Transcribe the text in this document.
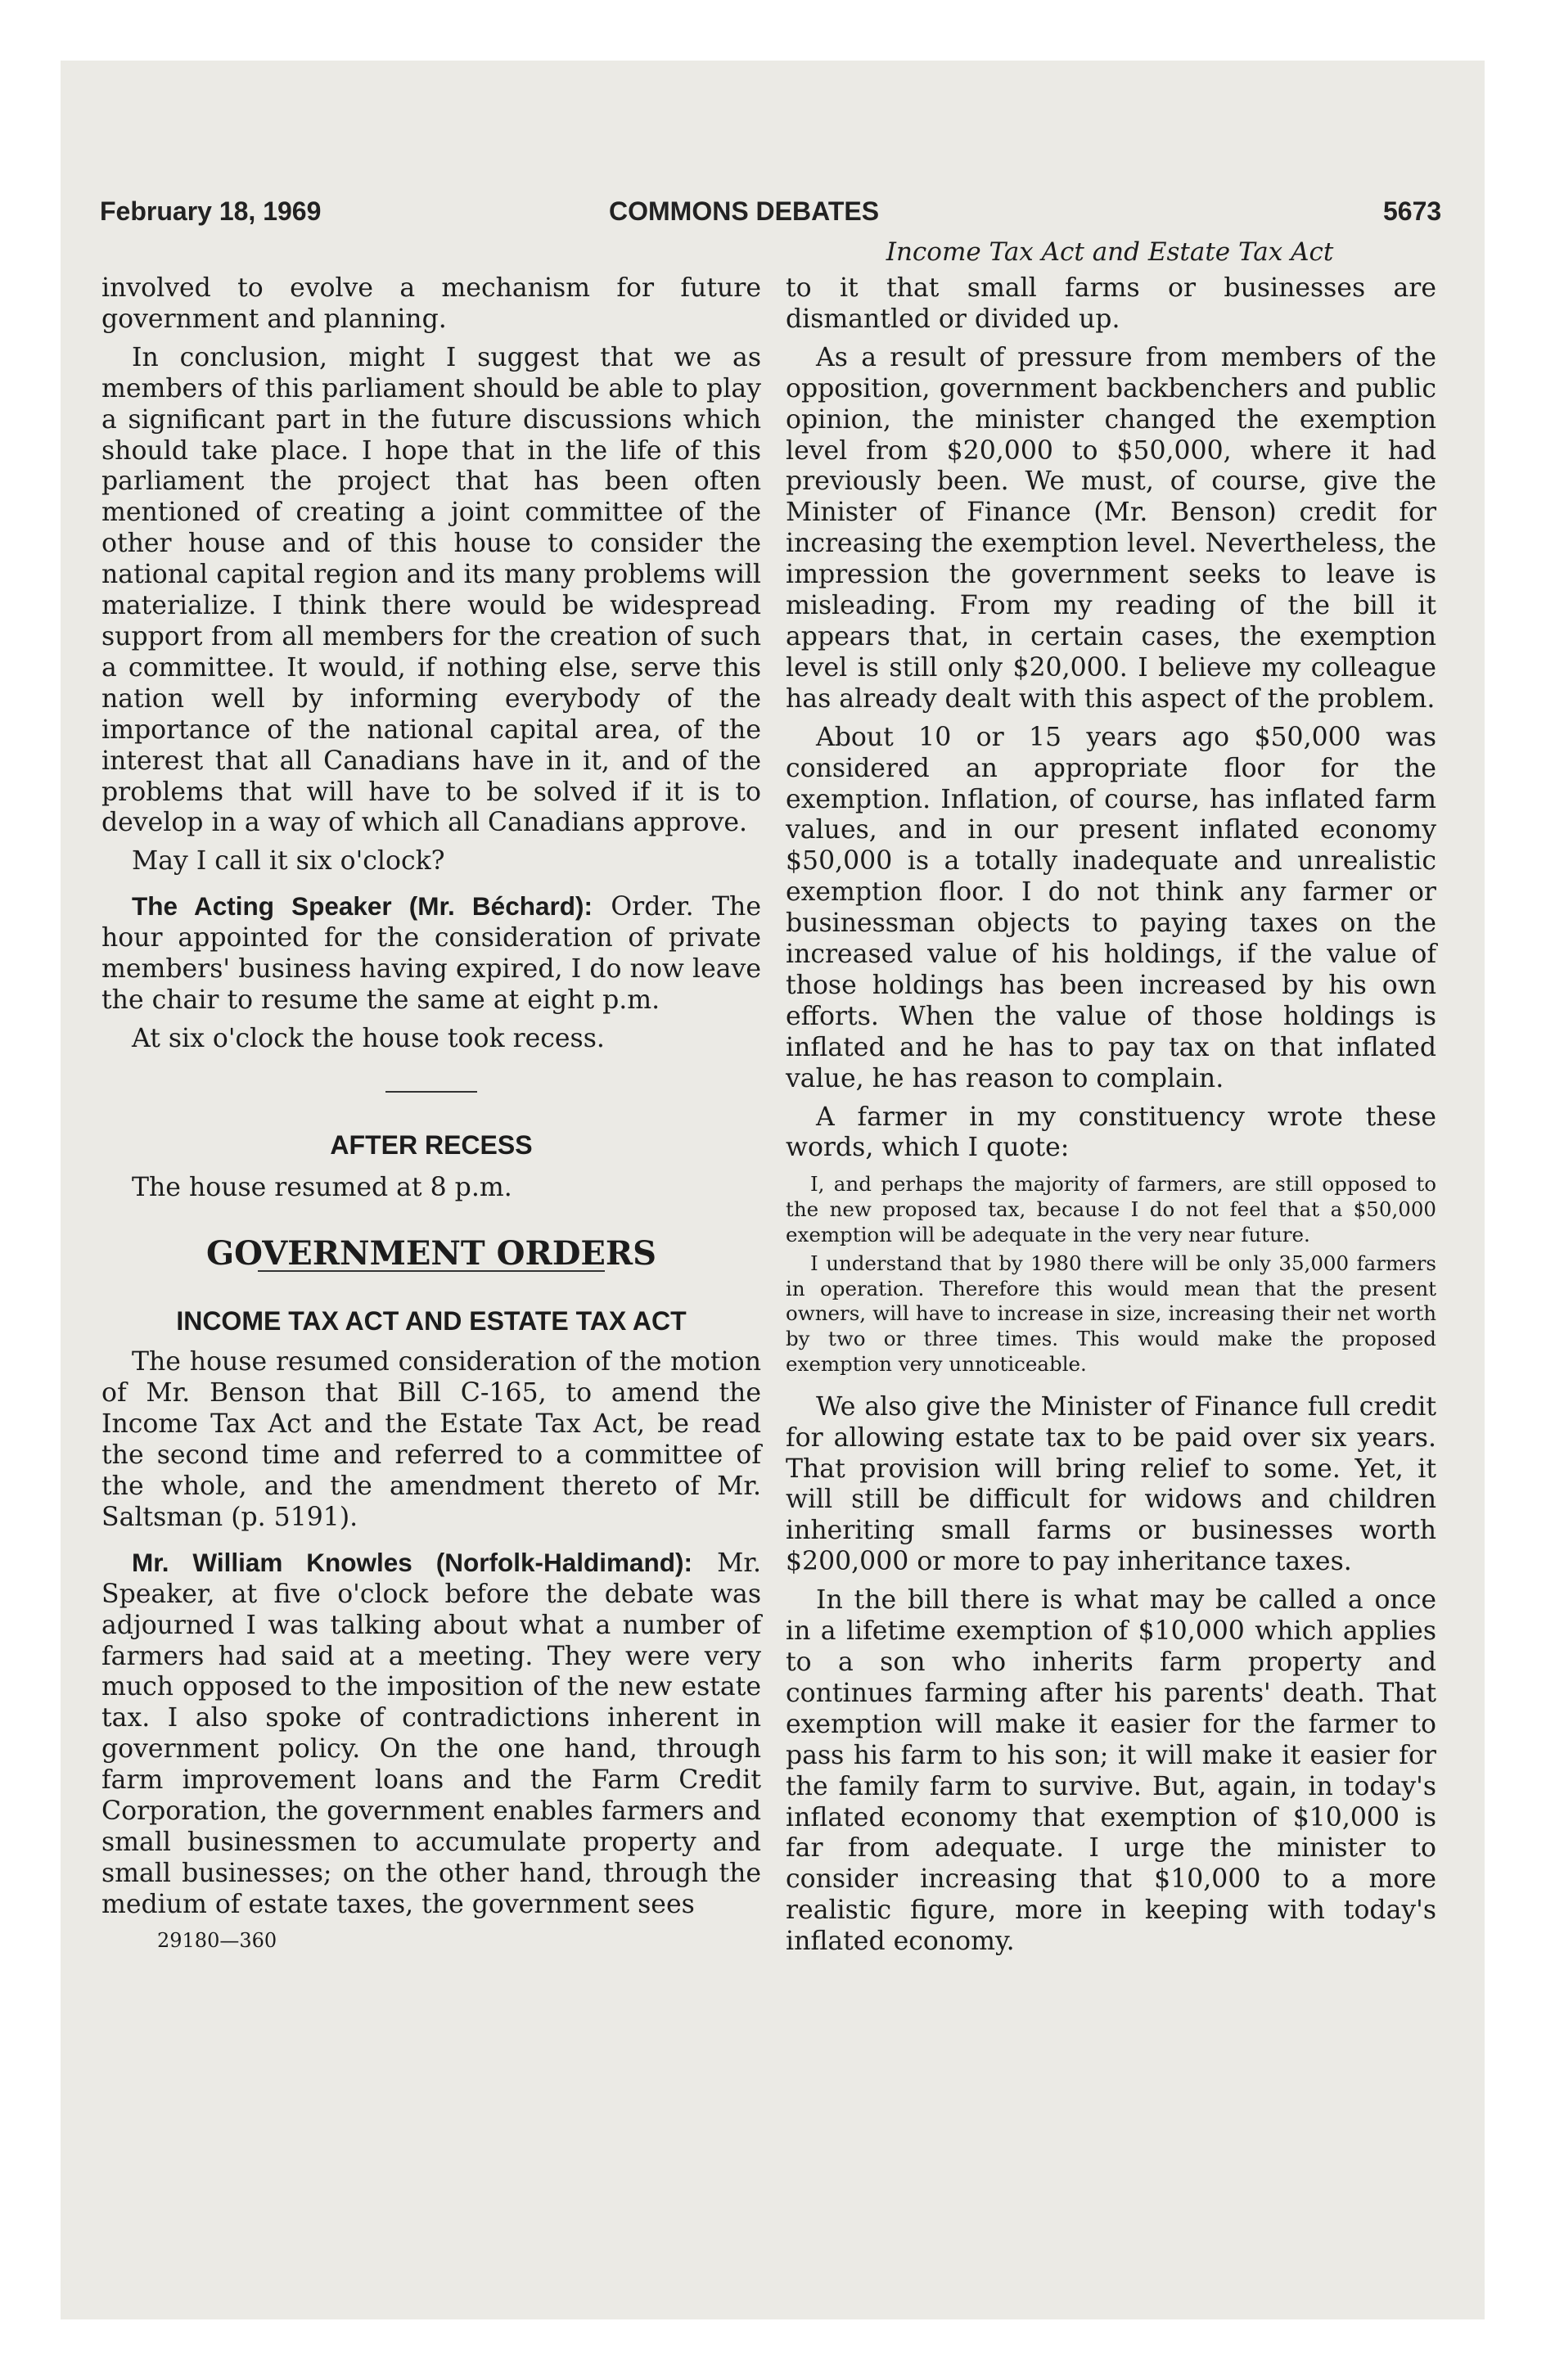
February 18, 1969	COMMONS DEBATES	5673
Income Tax Act and Estate Tax Act

involved to evolve a mechanism for future government and planning.

In conclusion, might I suggest that we as members of this parliament should be able to play a significant part in the future discussions which should take place. I hope that in the life of this parliament the project that has been often mentioned of creating a joint committee of the other house and of this house to consider the national capital region and its many problems will materialize. I think there would be widespread support from all members for the creation of such a committee. It would, if nothing else, serve this nation well by informing everybody of the importance of the national capital area, of the interest that all Canadians have in it, and of the problems that will have to be solved if it is to develop in a way of which all Canadians approve.

May I call it six o'clock?

The Acting Speaker (Mr. Béchard): Order. The hour appointed for the consideration of private members' business having expired, I do now leave the chair to resume the same at eight p.m.

At six o'clock the house took recess.

AFTER RECESS

The house resumed at 8 p.m.

GOVERNMENT ORDERS

INCOME TAX ACT AND ESTATE TAX ACT

The house resumed consideration of the motion of Mr. Benson that Bill C-165, to amend the Income Tax Act and the Estate Tax Act, be read the second time and referred to a committee of the whole, and the amendment thereto of Mr. Saltsman (p. 5191).

Mr. William Knowles (Norfolk-Haldimand): Mr. Speaker, at five o'clock before the debate was adjourned I was talking about what a number of farmers had said at a meeting. They were very much opposed to the imposition of the new estate tax. I also spoke of contradictions inherent in government policy. On the one hand, through farm improvement loans and the Farm Credit Corporation, the government enables farmers and small businessmen to accumulate property and small businesses; on the other hand, through the medium of estate taxes, the government sees

29180—360

to it that small farms or businesses are dismantled or divided up.

As a result of pressure from members of the opposition, government backbenchers and public opinion, the minister changed the exemption level from $20,000 to $50,000, where it had previously been. We must, of course, give the Minister of Finance (Mr. Benson) credit for increasing the exemption level. Nevertheless, the impression the government seeks to leave is misleading. From my reading of the bill it appears that, in certain cases, the exemption level is still only $20,000. I believe my colleague has already dealt with this aspect of the problem.

About 10 or 15 years ago $50,000 was considered an appropriate floor for the exemption. Inflation, of course, has inflated farm values, and in our present inflated economy $50,000 is a totally inadequate and unrealistic exemption floor. I do not think any farmer or businessman objects to paying taxes on the increased value of his holdings, if the value of those holdings has been increased by his own efforts. When the value of those holdings is inflated and he has to pay tax on that inflated value, he has reason to complain.

A farmer in my constituency wrote these words, which I quote:

I, and perhaps the majority of farmers, are still opposed to the new proposed tax, because I do not feel that a $50,000 exemption will be adequate in the very near future.

I understand that by 1980 there will be only 35,000 farmers in operation. Therefore this would mean that the present owners, will have to increase in size, increasing their net worth by two or three times. This would make the proposed exemption very unnoticeable.

We also give the Minister of Finance full credit for allowing estate tax to be paid over six years. That provision will bring relief to some. Yet, it will still be difficult for widows and children inheriting small farms or businesses worth $200,000 or more to pay inheritance taxes.

In the bill there is what may be called a once in a lifetime exemption of $10,000 which applies to a son who inherits farm property and continues farming after his parents' death. That exemption will make it easier for the farmer to pass his farm to his son; it will make it easier for the family farm to survive. But, again, in today's inflated economy that exemption of $10,000 is far from adequate. I urge the minister to consider increasing that $10,000 to a more realistic figure, more in keeping with today's inflated economy.
